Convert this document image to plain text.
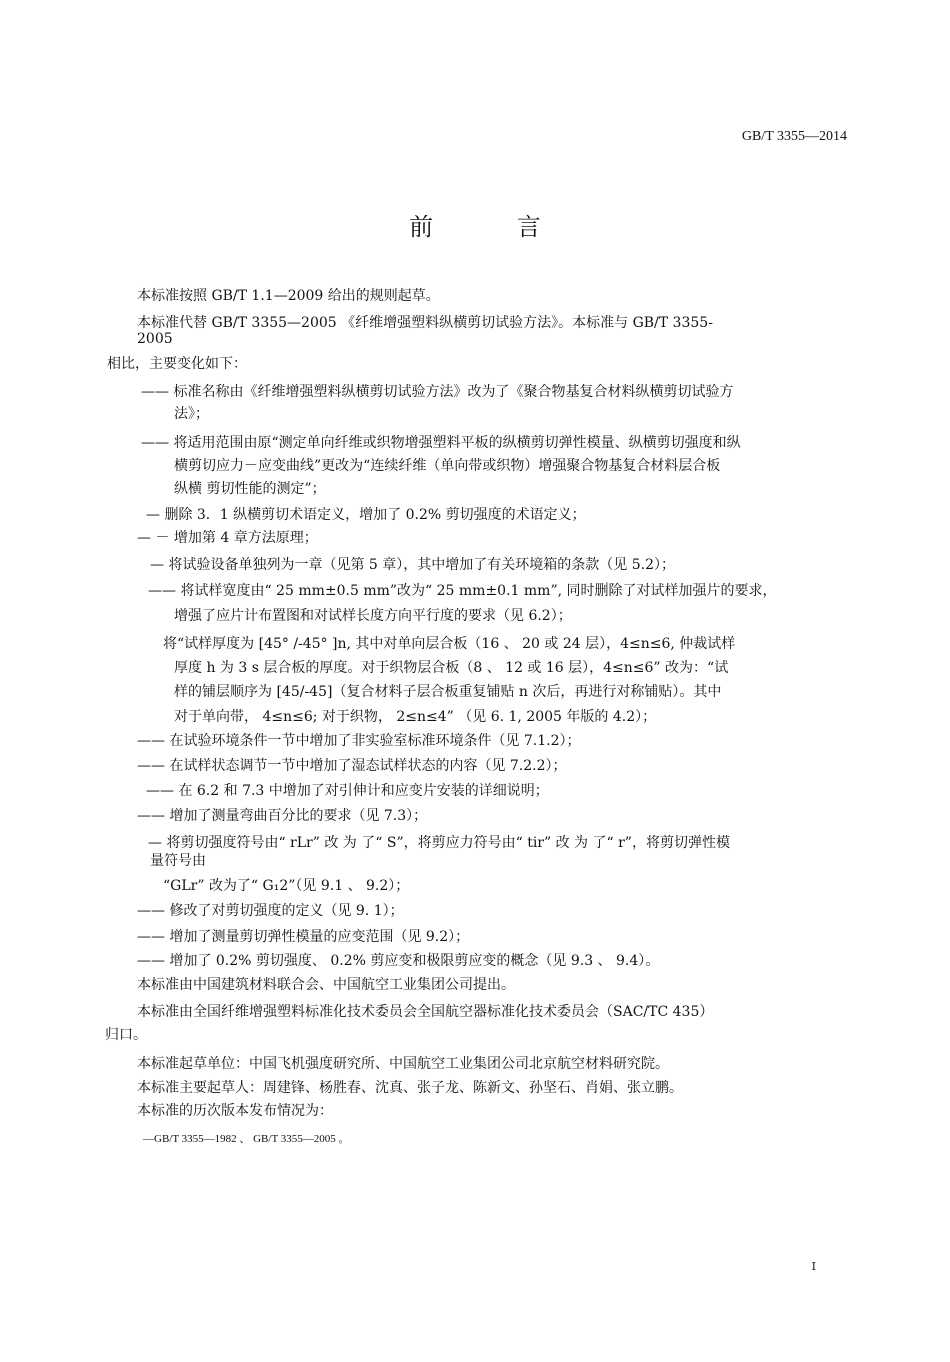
GB/T 3355—2014
前 言
本标准按照 GB/T 1.1—2009 给出的规则起草。
本标准代替 GB/T 3355—2005 《纤维增强塑料纵横剪切试验方法》。本标准与 GB/T 3355-
2005
相比，主要变化如下：
—— 标准名称由《纤维增强塑料纵横剪切试验方法》改为了《聚合物基复合材料纵横剪切试验方
法》；
—— 将适用范围由原“测定单向纤维或织物增强塑料平板的纵横剪切弹性模量、纵横剪切强度和纵
横剪切应力－应变曲线”更改为“连续纤维（单向带或织物）增强聚合物基复合材料层合板
纵横 剪切性能的测定”；
— 删除 3．1 纵横剪切术语定义，增加了 0.2% 剪切强度的术语定义；
— － 增加第 4 章方法原理；
— 将试验设备单独列为一章（见第 5 章），其中增加了有关环境箱的条款（见 5.2）；
—— 将试样宽度由“ 25 mm±0.5 mm”改为“ 25 mm±0.1 mm”, 同时删除了对试样加强片的要求，
增强了应片计布置图和对试样长度方向平行度的要求（见 6.2）；
将“试样厚度为 [45° /-45° ]n, 其中对单向层合板（16 、 20 或 24 层），4≤n≤6, 仲裁试样
厚度 h 为 3 s 层合板的厚度。对于织物层合板（8 、 12 或 16 层），4≤n≤6” 改为：“试
样的铺层顺序为 [45/-45]（复合材料子层合板重复铺贴 n 次后，再进行对称铺贴）。其中
对于单向带， 4≤n≤6; 对于织物， 2≤n≤4” （见 6. 1, 2005 年版的 4.2）；
—— 在试验环境条件一节中增加了非实验室标准环境条件（见 7.1.2）；
—— 在试样状态调节一节中增加了湿态试样状态的内容（见 7.2.2）；
—— 在 6.2 和 7.3 中增加了对引伸计和应变片安装的详细说明；
—— 增加了测量弯曲百分比的要求（见 7.3）；
— 将剪切强度符号由“ rLr” 改 为 了“ S”，将剪应力符号由“ tir” 改 为 了“ r”，将剪切弹性模
量符号由
“GLr” 改为了“ G₁2”（见 9.1 、 9.2）；
—— 修改了对剪切强度的定义（见 9. 1）；
—— 增加了测量剪切弹性模量的应变范围（见 9.2）；
—— 增加了 0.2% 剪切强度、 0.2% 剪应变和极限剪应变的概念（见 9.3 、 9.4）。
本标准由中国建筑材料联合会、中国航空工业集团公司提出。
本标准由全国纤维增强塑料标准化技术委员会全国航空器标准化技术委员会（SAC/TC 435）
归口。
本标准起草单位：中国飞机强度研究所、中国航空工业集团公司北京航空材料研究院。
本标准主要起草人：周建锋、杨胜春、沈真、张子龙、陈新文、孙坚石、肖娟、张立鹏。
本标准的历次版本发布情况为：
—GB/T 3355—1982 、 GB/T 3355—2005 。
I
